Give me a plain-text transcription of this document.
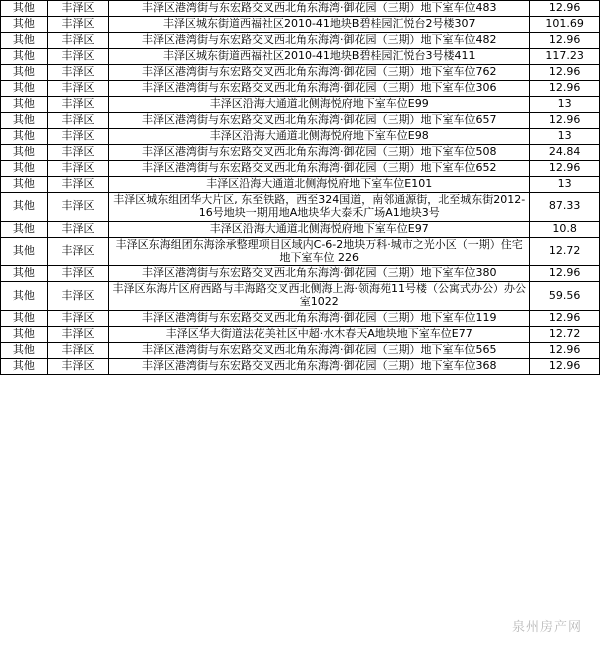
其他	丰泽区	丰泽区港湾街与东宏路交叉西北角东海湾·御花园（三期）地下室车位483	12.96
其他	丰泽区	丰泽区城东街道西福社区2010-41地块B碧桂园汇悦台2号楼307	101.69
其他	丰泽区	丰泽区港湾街与东宏路交叉西北角东海湾·御花园（三期）地下室车位482	12.96
其他	丰泽区	丰泽区城东街道西福社区2010-41地块B碧桂园汇悦台3号楼411	117.23
其他	丰泽区	丰泽区港湾街与东宏路交叉西北角东海湾·御花园（三期）地下室车位762	12.96
其他	丰泽区	丰泽区港湾街与东宏路交叉西北角东海湾·御花园（三期）地下室车位306	12.96
其他	丰泽区	丰泽区沿海大通道北侧海悦府地下室车位E99	13
其他	丰泽区	丰泽区港湾街与东宏路交叉西北角东海湾·御花园（三期）地下室车位657	12.96
其他	丰泽区	丰泽区沿海大通道北侧海悦府地下室车位E98	13
其他	丰泽区	丰泽区港湾街与东宏路交叉西北角东海湾·御花园（三期）地下室车位508	24.84
其他	丰泽区	丰泽区港湾街与东宏路交叉西北角东海湾·御花园（三期）地下室车位652	12.96
其他	丰泽区	丰泽区沿海大通道北侧海悦府地下室车位E101	13
其他	丰泽区	丰泽区城东组团华大片区, 东至铁路，西至324国道，南邻通源街，北至城东街2012-16号地块一期用地A地块华大泰禾广场A1地块3号	87.33
其他	丰泽区	丰泽区沿海大通道北侧海悦府地下室车位E97	10.8
其他	丰泽区	丰泽区东海组团东海涂承整理项目区域内C-6-2地块万科·城市之光小区（一期）住宅地下室车位 226	12.72
其他	丰泽区	丰泽区港湾街与东宏路交叉西北角东海湾·御花园（三期）地下室车位380	12.96
其他	丰泽区	丰泽区东海片区府西路与丰海路交叉西北侧海上海·领海苑11号楼（公寓式办公）办公室1022	59.56
其他	丰泽区	丰泽区港湾街与东宏路交叉西北角东海湾·御花园（三期）地下室车位119	12.96
其他	丰泽区	丰泽区华大街道法花美社区中超·水木春天A地块地下室车位E77	12.72
其他	丰泽区	丰泽区港湾街与东宏路交叉西北角东海湾·御花园（三期）地下室车位565	12.96
其他	丰泽区	丰泽区港湾街与东宏路交叉西北角东海湾·御花园（三期）地下室车位368	12.96
泉州房产网
